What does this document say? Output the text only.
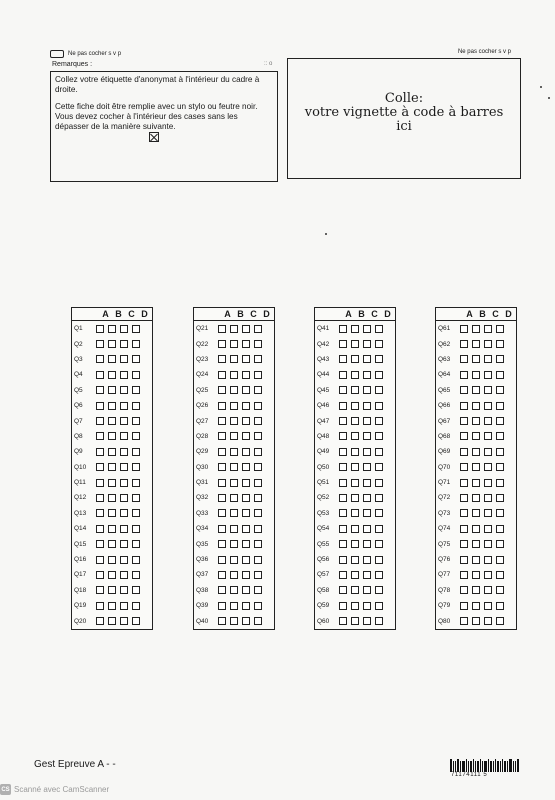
Ne pas cocher s v p	Ne pas cocher s v p
Remarques :	:: o

Collez votre étiquette d'anonymat à l'intérieur du cadre à droite.

Cette fiche doit être remplie avec un stylo ou feutre noir.

Vous devez cocher à l'intérieur des cases sans les dépasser de la manière suivante.

Colle:
votre vignette à code à barres
ici
A B C D
Q1
Q2
Q3
Q4
Q5
Q6
Q7
Q8
Q9
Q10
Q11
Q12
Q13
Q14
Q15
Q16
Q17
Q18
Q19
Q20
A B C D
Q21
Q22
Q23
Q24
Q25
Q26
Q27
Q28
Q29
Q30
Q31
Q32
Q33
Q34
Q35
Q36
Q37
Q38
Q39
Q40
A B C D
Q41
Q42
Q43
Q44
Q45
Q46
Q47
Q48
Q49
Q50
Q51
Q52
Q53
Q54
Q55
Q56
Q57
Q58
Q59
Q60
A B C D
Q61
Q62
Q63
Q64
Q65
Q66
Q67
Q68
Q69
Q70
Q71
Q72
Q73
Q74
Q75
Q76
Q77
Q78
Q79
Q80
Gest Epreuve A - -
71174111 5
CS Scanné avec CamScanner
